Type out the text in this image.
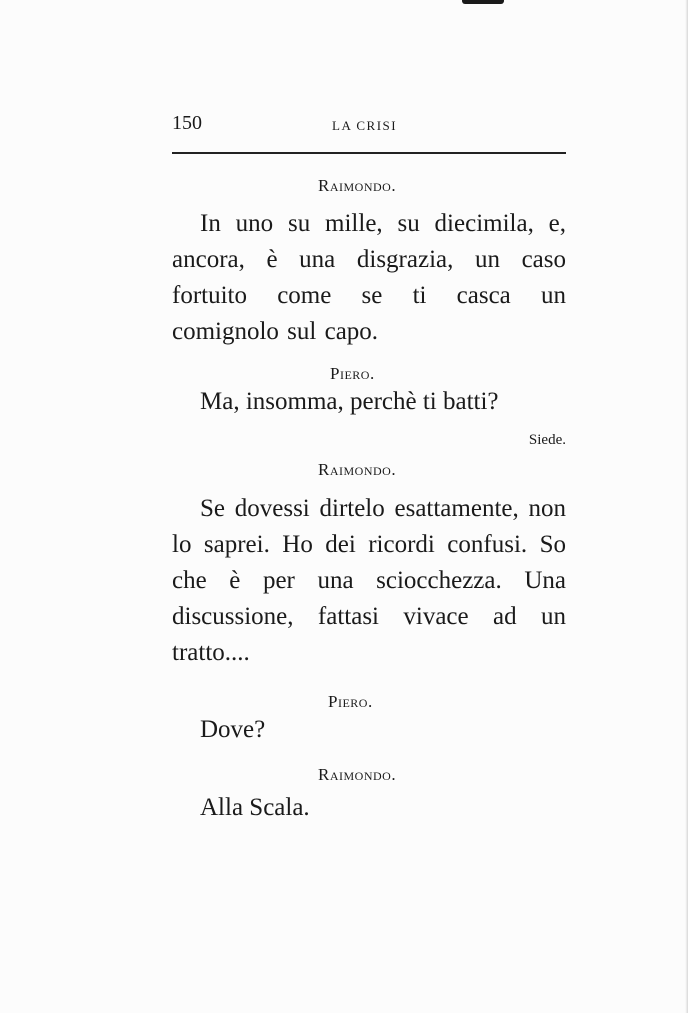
150	LA CRISI
Raimondo.
In uno su mille, su diecimila, e, ancora, è una disgrazia, un caso fortuito come se ti casca un comignolo sul capo.
Piero.
Ma, insomma, perchè ti batti?
Siede.
Raimondo.
Se dovessi dirtelo esattamente, non lo saprei. Ho dei ricordi confusi. So che è per una sciocchezza. Una discussione, fattasi vivace ad un tratto....
Piero.
Dove?
Raimondo.
Alla Scala.
